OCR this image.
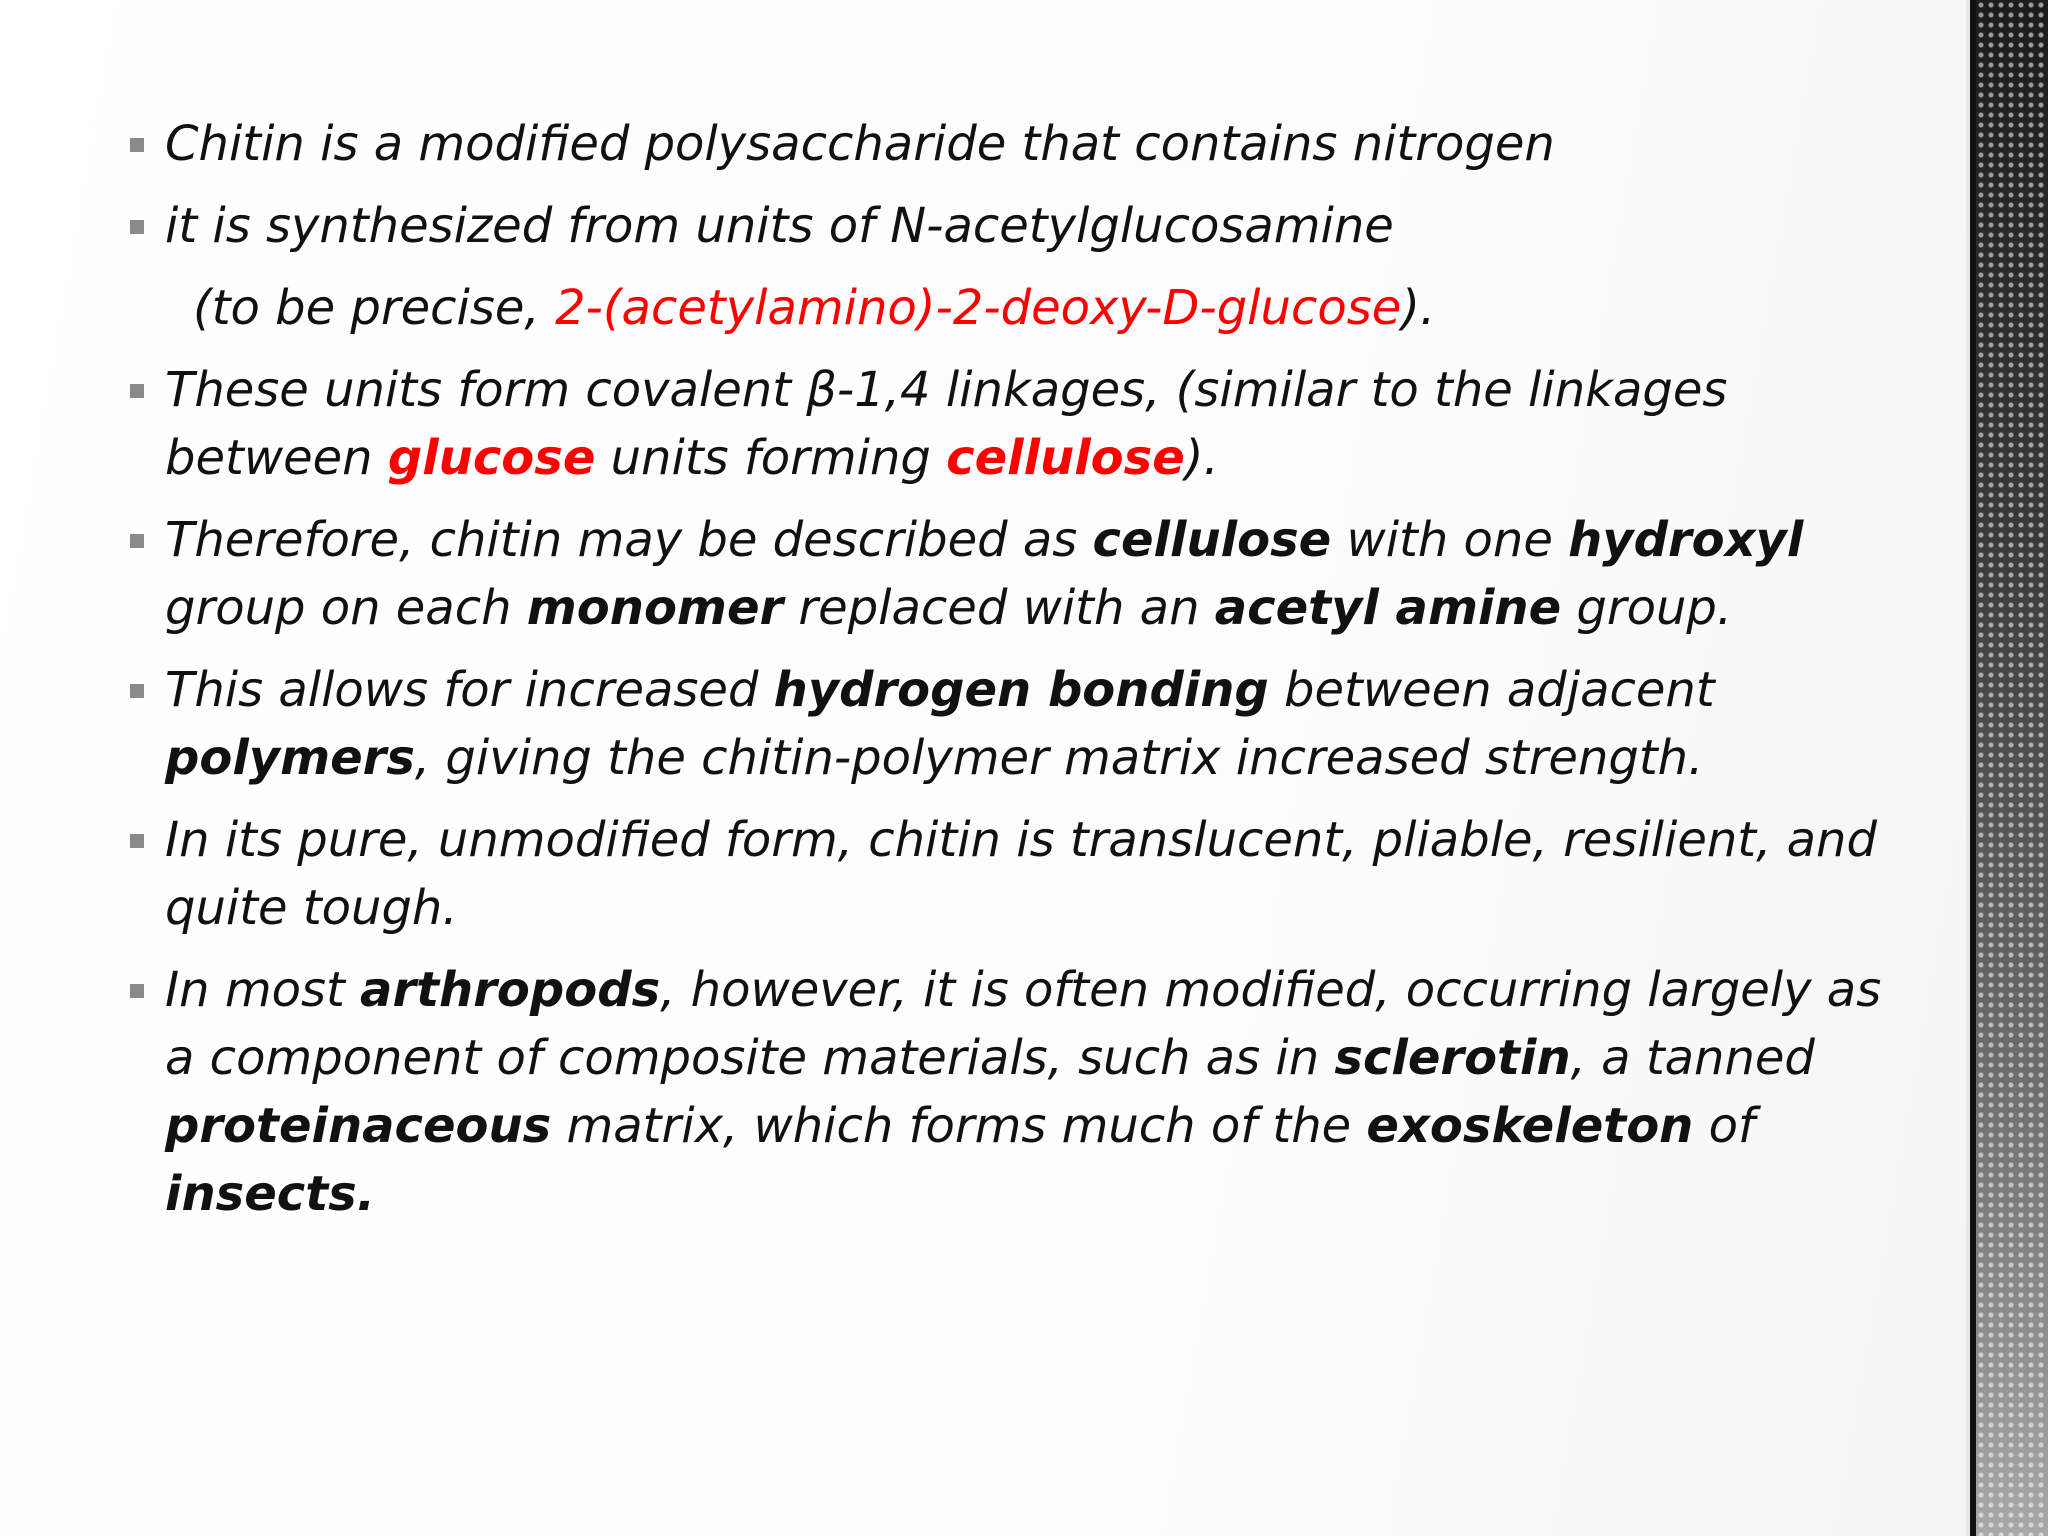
Chitin is a modified polysaccharide that contains nitrogen
it is synthesized from units of N-acetylglucosamine
(to be precise, 2-(acetylamino)-2-deoxy-D-glucose).
These units form covalent β-1,4 linkages, (similar to the linkages between glucose units forming cellulose).
Therefore, chitin may be described as cellulose with one hydroxyl group on each monomer replaced with an acetyl amine group.
This allows for increased hydrogen bonding between adjacent polymers, giving the chitin-polymer matrix increased strength.
In its pure, unmodified form, chitin is translucent, pliable, resilient, and quite tough.
In most arthropods, however, it is often modified, occurring largely as a component of composite materials, such as in sclerotin, a tanned proteinaceous matrix, which forms much of the exoskeleton of insects.
